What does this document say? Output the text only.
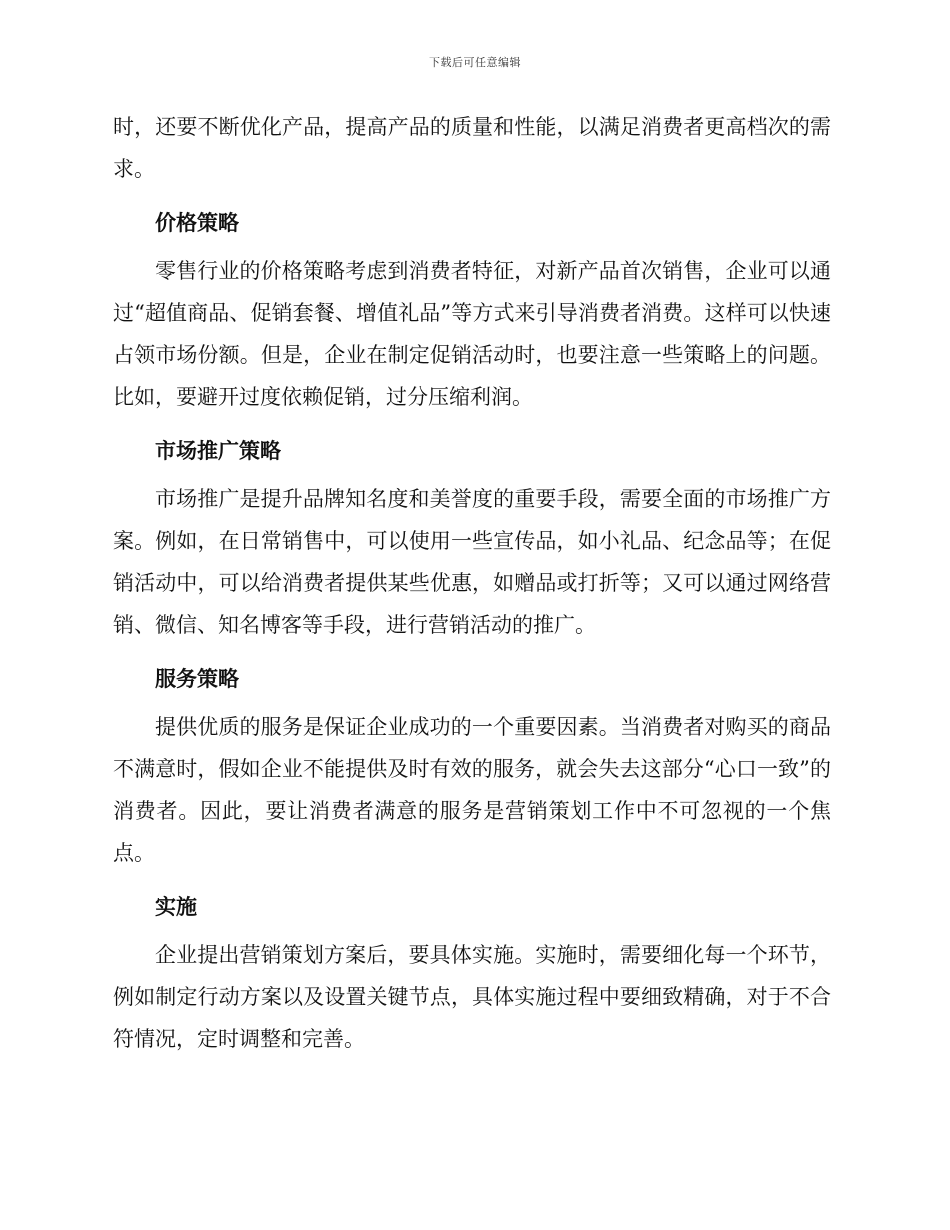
下载后可任意编辑

时，还要不断优化产品，提高产品的质量和性能，以满足消费者更高档次的需求。

价格策略

零售行业的价格策略考虑到消费者特征，对新产品首次销售，企业可以通过“超值商品、促销套餐、增值礼品”等方式来引导消费者消费。这样可以快速占领市场份额。但是，企业在制定促销活动时，也要注意一些策略上的问题。比如，要避开过度依赖促销，过分压缩利润。

市场推广策略

市场推广是提升品牌知名度和美誉度的重要手段，需要全面的市场推广方案。例如，在日常销售中，可以使用一些宣传品，如小礼品、纪念品等；在促销活动中，可以给消费者提供某些优惠，如赠品或打折等；又可以通过网络营销、微信、知名博客等手段，进行营销活动的推广。

服务策略

提供优质的服务是保证企业成功的一个重要因素。当消费者对购买的商品不满意时，假如企业不能提供及时有效的服务，就会失去这部分“心口一致”的消费者。因此，要让消费者满意的服务是营销策划工作中不可忽视的一个焦点。

实施

企业提出营销策划方案后，要具体实施。实施时，需要细化每一个环节，例如制定行动方案以及设置关键节点，具体实施过程中要细致精确，对于不合符情况，定时调整和完善。
